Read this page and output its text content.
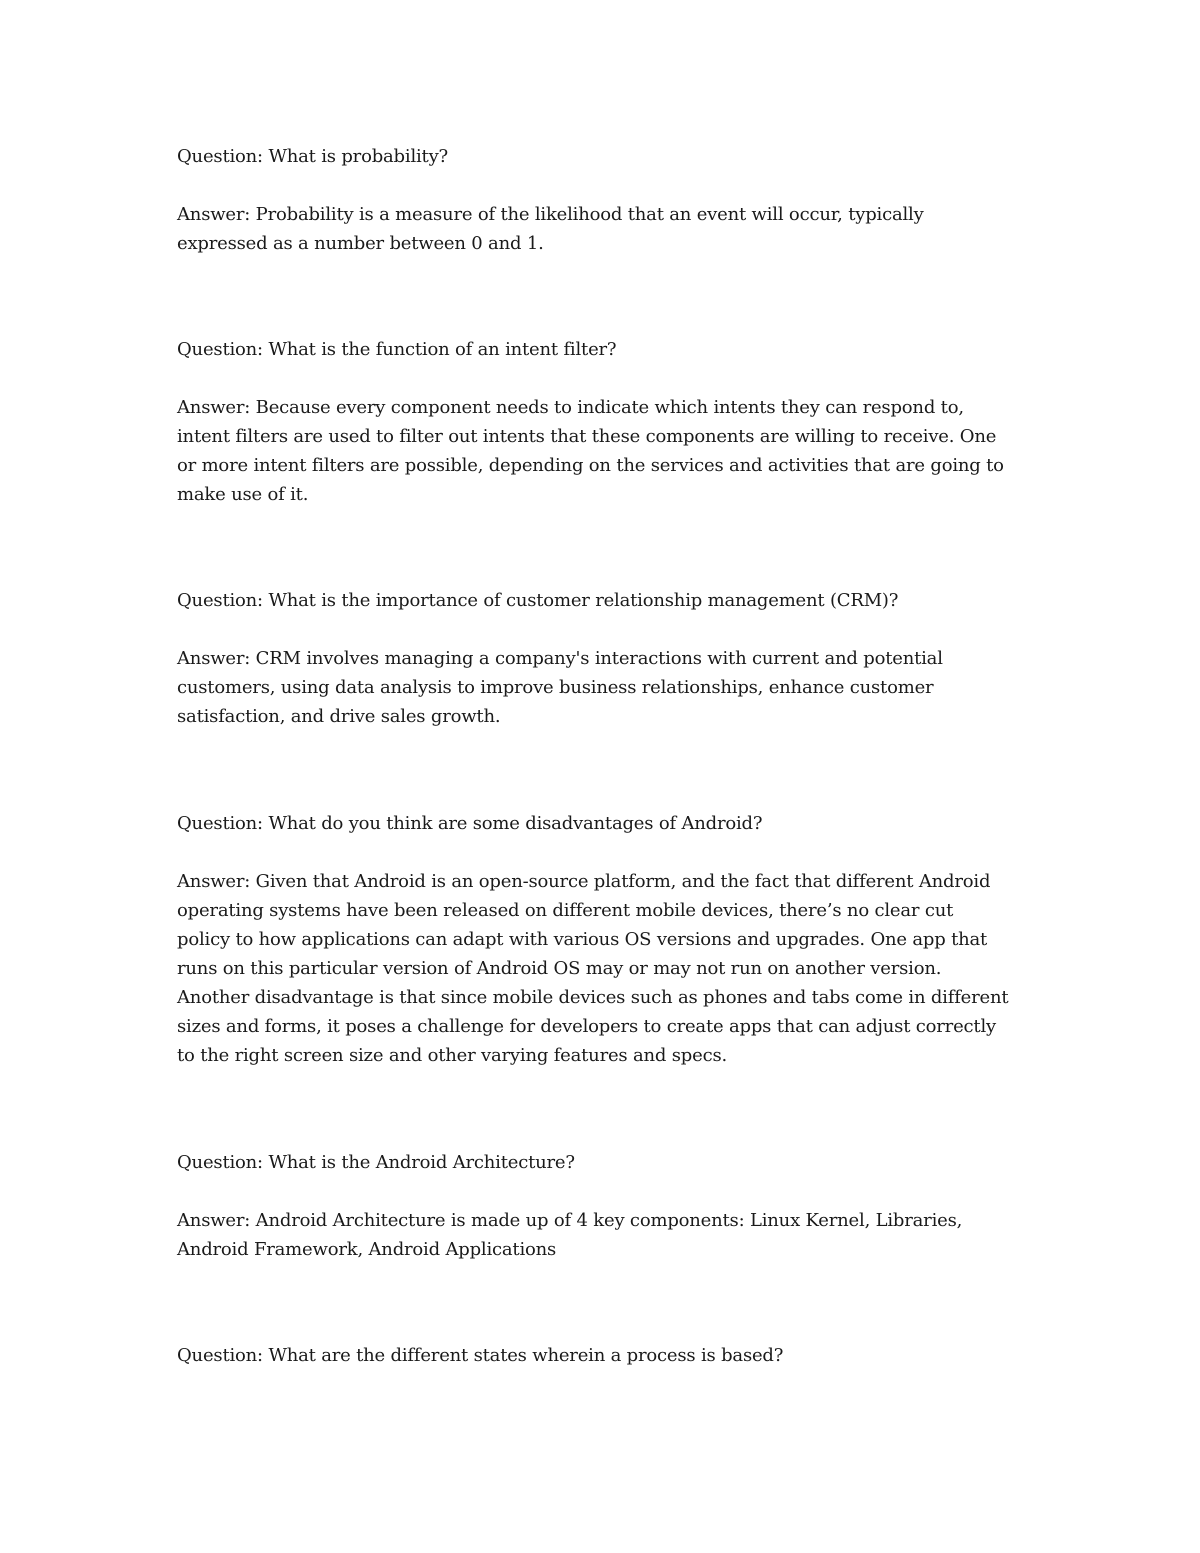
Question: What is probability?

Answer: Probability is a measure of the likelihood that an event will occur, typically

expressed as a number between 0 and 1.

Question: What is the function of an intent filter?

Answer: Because every component needs to indicate which intents they can respond to,

intent filters are used to filter out intents that these components are willing to receive. One

or more intent filters are possible, depending on the services and activities that are going to

make use of it.

Question: What is the importance of customer relationship management (CRM)?

Answer: CRM involves managing a company's interactions with current and potential

customers, using data analysis to improve business relationships, enhance customer

satisfaction, and drive sales growth.

Question: What do you think are some disadvantages of Android?

Answer: Given that Android is an open-source platform, and the fact that different Android

operating systems have been released on different mobile devices, there’s no clear cut

policy to how applications can adapt with various OS versions and upgrades. One app that

runs on this particular version of Android OS may or may not run on another version.

Another disadvantage is that since mobile devices such as phones and tabs come in different

sizes and forms, it poses a challenge for developers to create apps that can adjust correctly

to the right screen size and other varying features and specs.

Question: What is the Android Architecture?

Answer: Android Architecture is made up of 4 key components: Linux Kernel, Libraries,

Android Framework, Android Applications

Question: What are the different states wherein a process is based?
